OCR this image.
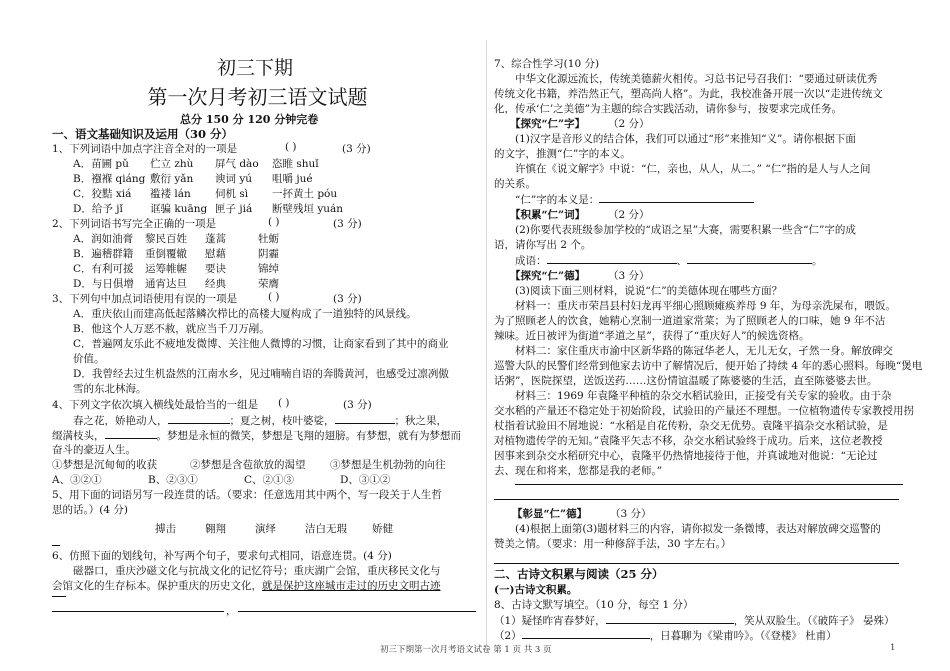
初三下期
第一次月考初三语文试题
总分 150 分 120 分钟完卷
一、语文基础知识及运用（30 分）
1、下列词语中加点字注音全对的一项是	( )	(3 分)
A．苗圃 pǔ 伫立 zhù 屏气 dào 恣睢 shuǐ
B．襁褓 qiáng 敷衍 yǎn 谀词 yú 咀嚼 jué
C．狡黠 xiá 褴褛 lán 伺机 sì 一抔黄土 póu
D．给予 jǐ	诓骗 kuāng 匣子 jiá 断壁残垣 yuán
2、下列词语书写完全正确的一项是	( )	(3 分)
A．润如油膏 黎民百姓 蓬蒿	牡蛎
B．遍稽群籍 重倒覆辙 慰藉	阴霾
C．有利可援 运筹帷幄 要诀	锦绰
D．与日俱增 通宵达旦 经典	荣膺
3、下列句中加点词语使用有误的一项是	( )	(3 分)
A．重庆依山而建高低起落鳞次栉比的高楼大厦构成了一道独特的风景线。
B．他这个人万恶不赦，就应当千刀万剐。
C．普遍网友乐此不疲地发微博、关注他人微博的习惯，让商家看到了其中的商业
价值。
D．我曾经去过生机盎然的江南水乡，见过喃喃自语的奔腾黄河，也感受过凛冽傲
雪的东北林海。
4、下列文字依次填入横线处最恰当的一组是 ( )	(3 分)
春之花，娇艳动人，	；夏之树，枝叶婆娑，	；秋之果，
缀满枝头，	。梦想是永恒的微笑，梦想是飞翔的翅膀。有梦想，就有为梦想而
奋斗的豪迈人生。
①梦想是沉甸甸的收获	②梦想是含苞欲放的渴望 ③梦想是生机勃勃的向往
A、③②①	B、②③①	C、②①③	D、③①②
5、用下面的词语另写一段连贯的话。（要求：任意选用其中两个，写一段关于人生哲
思的话。）(4 分)
搏击	翱翔	演绎	洁白无瑕 娇健
6、仿照下面的划线句，补写两个句子，要求句式相同，语意连贯。(4 分)
磁器口，重庆沙磁文化与抗战文化的记忆符号；重庆湖广会馆，重庆移民文化与
会馆文化的生存标本。保护重庆的历史文化，就是保护这座城市走过的历史文明古迹
，
7、综合性学习(10 分)
中华文化源远流长，传统美德薪火相传。习总书记号召我们：“要通过研读优秀
传统文化书籍，养浩然正气，塑高尚人格”。为此，我校准备开展一次以“走进传统文
化，传承‘仁’之美德”为主题的综合实践活动，请你参与，按要求完成任务。
【探究“仁”字】 （2 分）
(1)汉字是音形义的结合体，我们可以通过“形”来推知“义”。请你根据下面
的文字，推测“仁”字的本义。
许慎在《说文解字》中说：“仁，亲也，从人，从二。” “仁”指的是人与人之间
的关系。
“仁”字的本义是：
【积累“仁”词】 （2 分）
(2)你要代表班级参加学校的“成语之星”大赛，需要积累一些含“仁”字的成
语，请你写出 2 个。
成语：	、	。
【探究“仁”德】 （3 分）
(3)阅读下面三则材料，说说“仁”的美德体现在哪些方面？
材料一：重庆市荣昌县村妇龙再平细心照顾瘫痪养母 9 年，为母亲洗屎布，喂饭。
为了照顾老人的饮食，她精心烹制一道道家常菜；为了照顾老人的口味，她 9 年不沾
辣味。近日被评为街道“孝道之星”，获得了“重庆好人”的候选资格。
材料二：家住重庆市渝中区新华路的陈冠华老人，无儿无女，孑然一身。解放碑交
巡警大队的民警们经常到他家去访中了解情况后，便开始了持续 4 年的悉心照料。每晚“煲电
话粥”，医院探望，送饭送药……这份情谊温暖了陈婆婆的生活，直至陈婆婆去世。
材料三：1969 年袁隆平种植的杂交水稻试验田，正接受有关专家的验收。由于杂
交水稻的产量还不稳定处于初始阶段，试验田的产量还不理想。一位植物遗传专家教授用拐
杖指着试验田不屑地说：“水稻是自花传粉，杂交无优势。袁隆平搞杂交水稻试验，是
对植物遗传学的无知。”袁隆平矢志不移，杂交水稻试验终于成功。后来，这位老教授
因事来到杂交水稻研究中心，袁隆平仍热情地接待于他，并真诚地对他说：“无论过
去、现在和将来，您都是我的老师。”
【彰显“仁”德】 （3 分）
(4)根据上面第(3)题材料三的内容，请你拟发一条微博，表达对解放碑交巡警的
赞美之情。（要求：用一种修辞手法，30 字左右。）
二、古诗文积累与阅读（25 分）
(一)古诗文积累。
8、古诗文默写填空。（10 分，每空 1 分）
（1）疑怪昨宵春梦好，	，笑从双脸生。（《破阵子》 晏殊）
（2）	，日暮聊为《梁甫吟》。（《登楼》 杜甫）
初三下期第一次月考语文试卷 第 1 页 共 3 页	1
